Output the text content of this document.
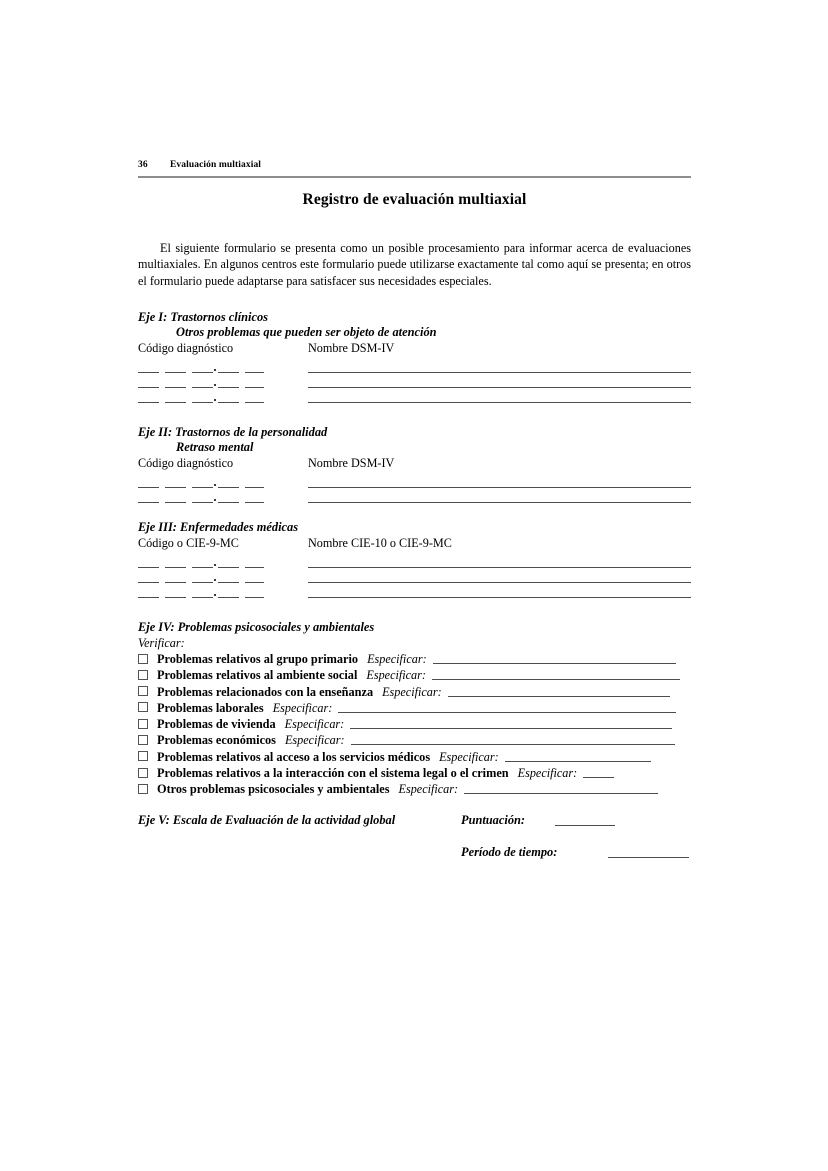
36 Evaluación multiaxial
Registro de evaluación multiaxial

El siguiente formulario se presenta como un posible procesamiento para informar acerca de evaluaciones multiaxiales. En algunos centros este formulario puede utilizarse exactamente tal como aquí se presenta; en otros el formulario puede adaptarse para satisfacer sus necesidades especiales.

Eje I: Trastornos clínicos
Otros problemas que pueden ser objeto de atención
Código diagnóstico	Nombre DSM-IV
Eje II: Trastornos de la personalidad
Retraso mental
Código diagnóstico	Nombre DSM-IV
Eje III: Enfermedades médicas
Código o CIE-9-MC	Nombre CIE-10 o CIE-9-MC
Eje IV: Problemas psicosociales y ambientales
Verificar:
Problemas relativos al grupo primario Especificar:
Problemas relativos al ambiente social Especificar:
Problemas relacionados con la enseñanza Especificar:
Problemas laborales Especificar:
Problemas de vivienda Especificar:
Problemas económicos Especificar:
Problemas relativos al acceso a los servicios médicos Especificar:
Problemas relativos a la interacción con el sistema legal o el crimen Especificar:
Otros problemas psicosociales y ambientales Especificar:
Eje V: Escala de Evaluación de la actividad global	Puntuación:
Período de tiempo:
